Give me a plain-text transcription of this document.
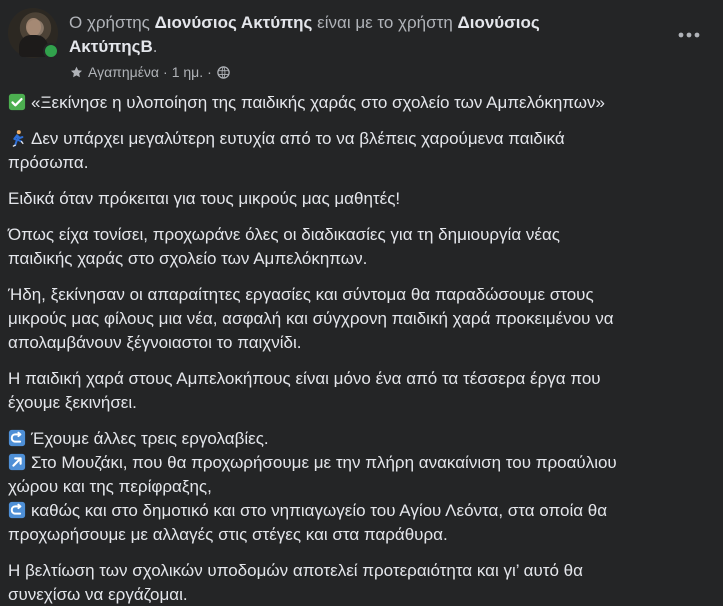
Ο χρήστης Διονύσιος Ακτύπης είναι με το χρήστη Διονύσιος
ΑκτύπηςΒ.
Αγαπημένα · 1 ημ. ·
«Ξεκίνησε η υλοποίηση της παιδικής χαράς στο σχολείο των Αμπελόκηπων»
Δεν υπάρχει μεγαλύτερη ευτυχία από το να βλέπεις χαρούμενα παιδικά
πρόσωπα.
Ειδικά όταν πρόκειται για τους μικρούς μας μαθητές!
Όπως είχα τονίσει, προχωράνε όλες οι διαδικασίες για τη δημιουργία νέας
παιδικής χαράς στο σχολείο των Αμπελόκηπων.
Ήδη, ξεκίνησαν οι απαραίτητες εργασίες και σύντομα θα παραδώσουμε στους
μικρούς μας φίλους μια νέα, ασφαλή και σύγχρονη παιδική χαρά προκειμένου να
απολαμβάνουν ξέγνοιαστοι το παιχνίδι.
Η παιδική χαρά στους Αμπελοκήπους είναι μόνο ένα από τα τέσσερα έργα που
έχουμε ξεκινήσει.
Έχουμε άλλες τρεις εργολαβίες.
Στο Μουζάκι, που θα προχωρήσουμε με την πλήρη ανακαίνιση του προαύλιου
χώρου και της περίφραξης,
καθώς και στο δημοτικό και στο νηπιαγωγείο του Αγίου Λεόντα, στα οποία θα
προχωρήσουμε με αλλαγές στις στέγες και στα παράθυρα.
Η βελτίωση των σχολικών υποδομών αποτελεί προτεραιότητα και γι’ αυτό θα
συνεχίσω να εργάζομαι.
